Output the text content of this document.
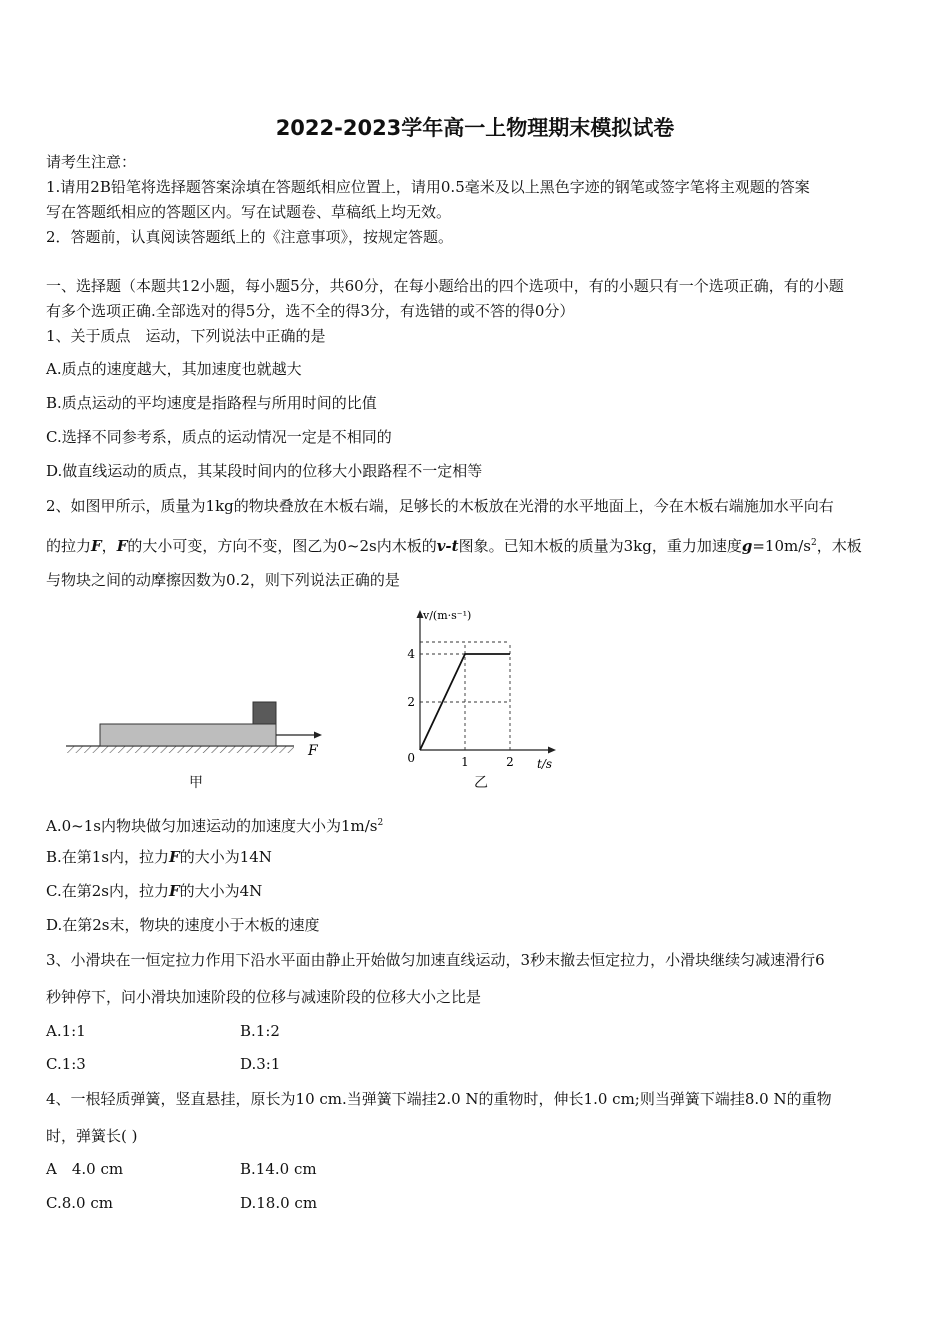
2022-2023学年高一上物理期末模拟试卷
请考生注意：
1.请用2B铅笔将选择题答案涂填在答题纸相应位置上，请用0.5毫米及以上黑色字迹的钢笔或签字笔将主观题的答案
写在答题纸相应的答题区内。写在试题卷、草稿纸上均无效。
2．答题前，认真阅读答题纸上的《注意事项》，按规定答题。
一、选择题（本题共12小题，每小题5分，共60分，在每小题给出的四个选项中，有的小题只有一个选项正确，有的小题
有多个选项正确.全部选对的得5分，选不全的得3分，有选错的或不答的得0分）
1、关于质点　运动，下列说法中正确的是
A.质点的速度越大，其加速度也就越大
B.质点运动的平均速度是指路程与所用时间的比值
C.选择不同参考系，质点的运动情况一定是不相同的
D.做直线运动的质点，其某段时间内的位移大小跟路程不一定相等
2、如图甲所示，质量为1kg的物块叠放在木板右端，足够长的木板放在光滑的水平地面上，今在木板右端施加水平向右
的拉力F，F的大小可变，方向不变，图乙为0~2s内木板的v-t图象。已知木板的质量为3kg，重力加速度$g=10m/s^2$，木板
与物块之间的动摩擦因数为0.2，则下列说法正确的是
F
甲
v/(m·s⁻¹)
t/s
0	1	2
2
4
乙
A.0~1s内物块做匀加速运动的加速度大小为$1m/s^2$
B.在第1s内，拉力F的大小为14N
C.在第2s内，拉力F的大小为4N
D.在第2s末，物块的速度小于木板的速度
3、小滑块在一恒定拉力作用下沿水平面由静止开始做匀加速直线运动，3秒末撤去恒定拉力，小滑块继续匀减速滑行6
秒钟停下，问小滑块加速阶段的位移与减速阶段的位移大小之比是
A.1:1	B.1:2
C.1:3	D.3:1
4、一根轻质弹簧，竖直悬挂，原长为10 cm.当弹簧下端挂2.0 N的重物时，伸长1.0 cm;则当弹簧下端挂8.0 N的重物
时，弹簧长( )
A　4.0 cm	B.14.0 cm
C.8.0 cm	D.18.0 cm
